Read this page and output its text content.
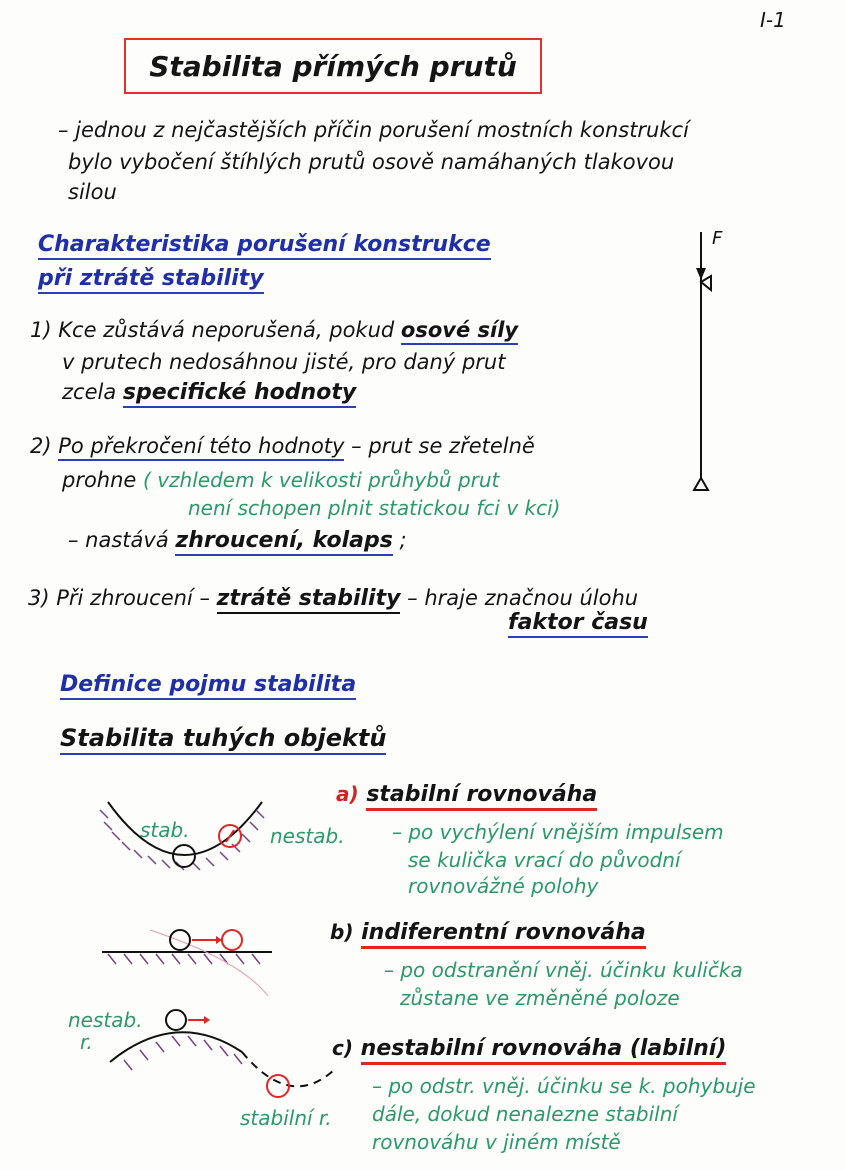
I-1
Stabilita přímých prutů
– jednou z nejčastějších příčin porušení mostních konstrukcí
bylo vybočení štíhlých prutů osově namáhaných tlakovou
silou
Charakteristika porušení konstrukce
při ztrátě stability
1) Kce zůstává neporušená, pokud osové síly
v prutech nedosáhnou jisté, pro daný prut
zcela specifické hodnoty
2) Po překročení této hodnoty – prut se zřetelně
prohne ( vzhledem k velikosti průhybů prut
není schopen plnit statickou fci v kci)
– nastává zhroucení, kolaps ;
3) Při zhroucení – ztrátě stability – hraje značnou úlohu
faktor času
Definice pojmu stabilita
Stabilita tuhých objektů
a) stabilní rovnováha
– po vychýlení vnějším impulsem
se kulička vrací do původní
rovnovážné polohy
stab.	nestab.
b) indiferentní rovnováha
– po odstranění vněj. účinku kulička
zůstane ve změněné poloze
c) nestabilní rovnováha (labilní)
– po odstr. vněj. účinku se k. pohybuje
dále, dokud nenalezne stabilní
rovnováhu v jiném místě
nestab.
r.
stabilní r.
F
